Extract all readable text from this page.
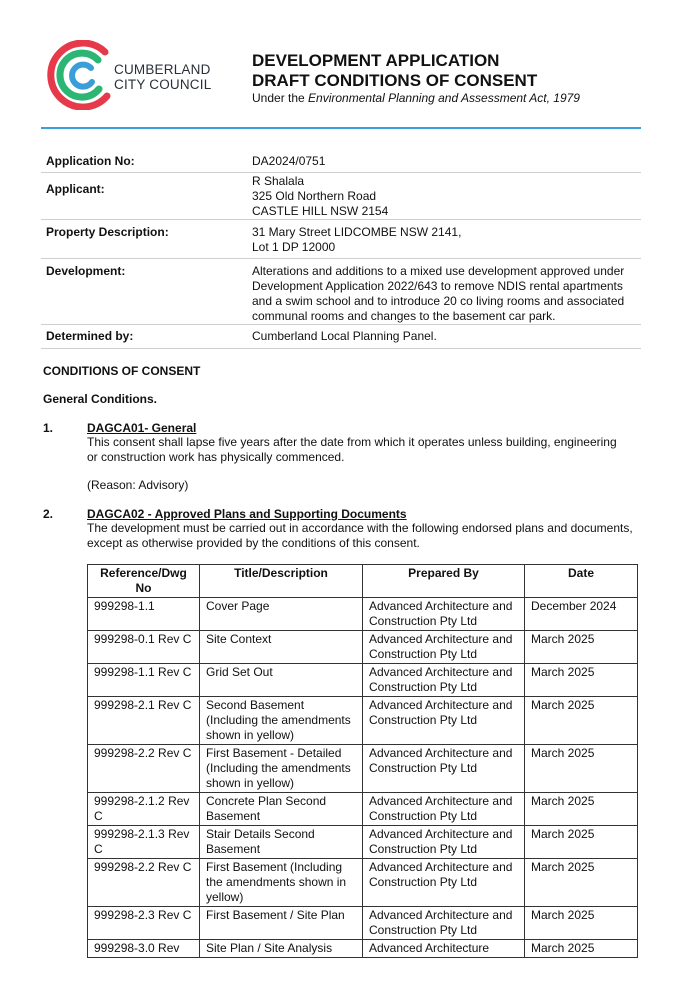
CUMBERLAND
CITY COUNCIL
DEVELOPMENT APPLICATION
DRAFT CONDITIONS OF CONSENT
Under the Environmental Planning and Assessment Act, 1979
Application No:	DA2024/0751
Applicant:
R Shalala
325 Old Northern Road
CASTLE HILL NSW 2154
Property Description:	31 Mary Street LIDCOMBE NSW 2141,
Lot 1 DP 12000
Development:	Alterations and additions to a mixed use development approved under
Development Application 2022/643 to remove NDIS rental apartments
and a swim school and to introduce 20 co living rooms and associated
communal rooms and changes to the basement car park.
Determined by:	Cumberland Local Planning Panel.
CONDITIONS OF CONSENT
General Conditions.
1.	DAGCA01- General
This consent shall lapse five years after the date from which it operates unless building, engineering
or construction work has physically commenced.
(Reason: Advisory)
2.	DAGCA02 - Approved Plans and Supporting Documents
The development must be carried out in accordance with the following endorsed plans and documents,
except as otherwise provided by the conditions of this consent.
Reference/Dwg No	Title/Description	Prepared By	Date
999298-1.1	Cover Page	Advanced Architecture and Construction Pty Ltd	December 2024
999298-0.1 Rev C	Site Context	Advanced Architecture and Construction Pty Ltd	March 2025
999298-1.1 Rev C	Grid Set Out	Advanced Architecture and Construction Pty Ltd	March 2025
999298-2.1 Rev C	Second Basement (Including the amendments shown in yellow)	Advanced Architecture and Construction Pty Ltd	March 2025
999298-2.2 Rev C	First Basement - Detailed (Including the amendments shown in yellow)	Advanced Architecture and Construction Pty Ltd	March 2025
999298-2.1.2 Rev C	Concrete Plan Second Basement	Advanced Architecture and Construction Pty Ltd	March 2025
999298-2.1.3 Rev C	Stair Details Second Basement	Advanced Architecture and Construction Pty Ltd	March 2025
999298-2.2 Rev C	First Basement (Including the amendments shown in yellow)	Advanced Architecture and Construction Pty Ltd	March 2025
999298-2.3 Rev C	First Basement / Site Plan	Advanced Architecture and Construction Pty Ltd	March 2025
999298-3.0 Rev	Site Plan / Site Analysis	Advanced Architecture	March 2025
